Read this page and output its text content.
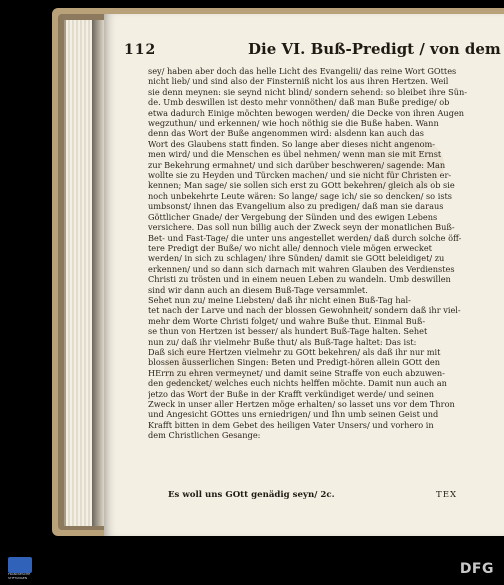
112	Die VI. Buß-Predigt / von dem
sey/ haben aber doch das helle Licht des Evangelii/ das reine Wort GOttes
nicht lieb/ und sind also der Finsterniß nicht los aus ihren Hertzen. Weil
sie denn meynen: sie seynd nicht blind/ sondern sehend: so bleibet ihre Sün-
de. Umb deswillen ist desto mehr vonnöthen/ daß man Buße predige/ ob
etwa dadurch Einige möchten bewogen werden/ die Decke von ihren Augen
wegzuthun/ und erkennen/ wie hoch nöthig sie die Buße haben. Wann
denn das Wort der Buße angenommen wird: alsdenn kan auch das
Wort des Glaubens statt finden. So lange aber dieses nicht angenom-
men wird/ und die Menschen es übel nehmen/ wenn man sie mit Ernst
zur Bekehrung ermahnet/ und sich darüber beschweren/ sagende: Man
wollte sie zu Heyden und Türcken machen/ und sie nicht für Christen er-
kennen; Man sage/ sie sollen sich erst zu GOtt bekehren/ gleich als ob sie
noch unbekehrte Leute wären: So lange/ sage ich/ sie so dencken/ so ists
umbsonst/ ihnen das Evangelium also zu predigen/ daß man sie daraus
Göttlicher Gnade/ der Vergebung der Sünden und des ewigen Lebens
versichere. Das soll nun billig auch der Zweck seyn der monatlichen Buß-
Bet- und Fast-Tage/ die unter uns angestellet werden/ daß durch solche öff-
tere Predigt der Buße/ wo nicht alle/ dennoch viele mögen erwecket
werden/ in sich zu schlagen/ ihre Sünden/ damit sie GOtt beleidiget/ zu
erkennen/ und so dann sich darnach mit wahren Glauben des Verdienstes
Christi zu trösten und in einem neuen Leben zu wandeln. Umb deswillen
sind wir dann auch an diesem Buß-Tage versammlet.
Sehet nun zu/ meine Liebsten/ daß ihr nicht einen Buß-Tag hal-
tet nach der Larve und nach der blossen Gewohnheit/ sondern daß ihr viel-
mehr dem Worte Christi folget/ und wahre Buße thut. Einmal Buß-
se thun von Hertzen ist besser/ als hundert Buß-Tage halten. Sehet
nun zu/ daß ihr vielmehr Buße thut/ als Buß-Tage haltet: Das ist:
Daß sich eure Hertzen vielmehr zu GOtt bekehren/ als daß ihr nur mit
blossen äusserlichen Singen: Beten und Predigt-hören allein GOtt den
HErrn zu ehren vermeynet/ und damit seine Straffe von euch abzuwen-
den gedencket/ welches euch nichts helffen möchte. Damit nun auch an
jetzo das Wort der Buße in der Krafft verkündiget werde/ und seinen
Zweck in unser aller Hertzen möge erhalten/ so lasset uns vor dem Thron
und Angesicht GOttes uns erniedrigen/ und Ihn umb seinen Geist und
Krafft bitten in dem Gebet des heiligen Vater Unsers/ und vorhero in
dem Christlichen Gesange:
Es woll uns GOtt genädig seyn/ 2c.	TEX
FRANCKESCHE
STIFTUNGEN
DFG
